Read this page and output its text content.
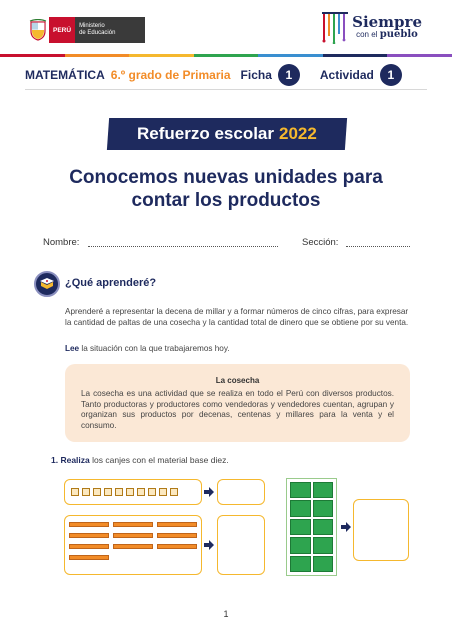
PERÚ
Ministerio
de Educación
Siempre
con el pueblo
MATEMÁTICA 6.º grado de Primaria Ficha	1	Actividad	1
Refuerzo escolar 2022
Conocemos nuevas unidades para
contar los productos
Nombre:	Sección:
¿Qué aprenderé?
Aprenderé a representar la decena de millar y a formar números de cinco cifras, para expresar la cantidad de paltas de una cosecha y la cantidad total de dinero que se obtiene por su venta.
Lee la situación con la que trabajaremos hoy.
La cosecha
La cosecha es una actividad que se realiza en todo el Perú con diversos productos. Tanto productoras y productores como vendedoras y vendedores cuentan, agrupan y organizan sus productos por decenas, centenas y millares para la venta y el consumo.
1. Realiza los canjes con el material base diez.
1
